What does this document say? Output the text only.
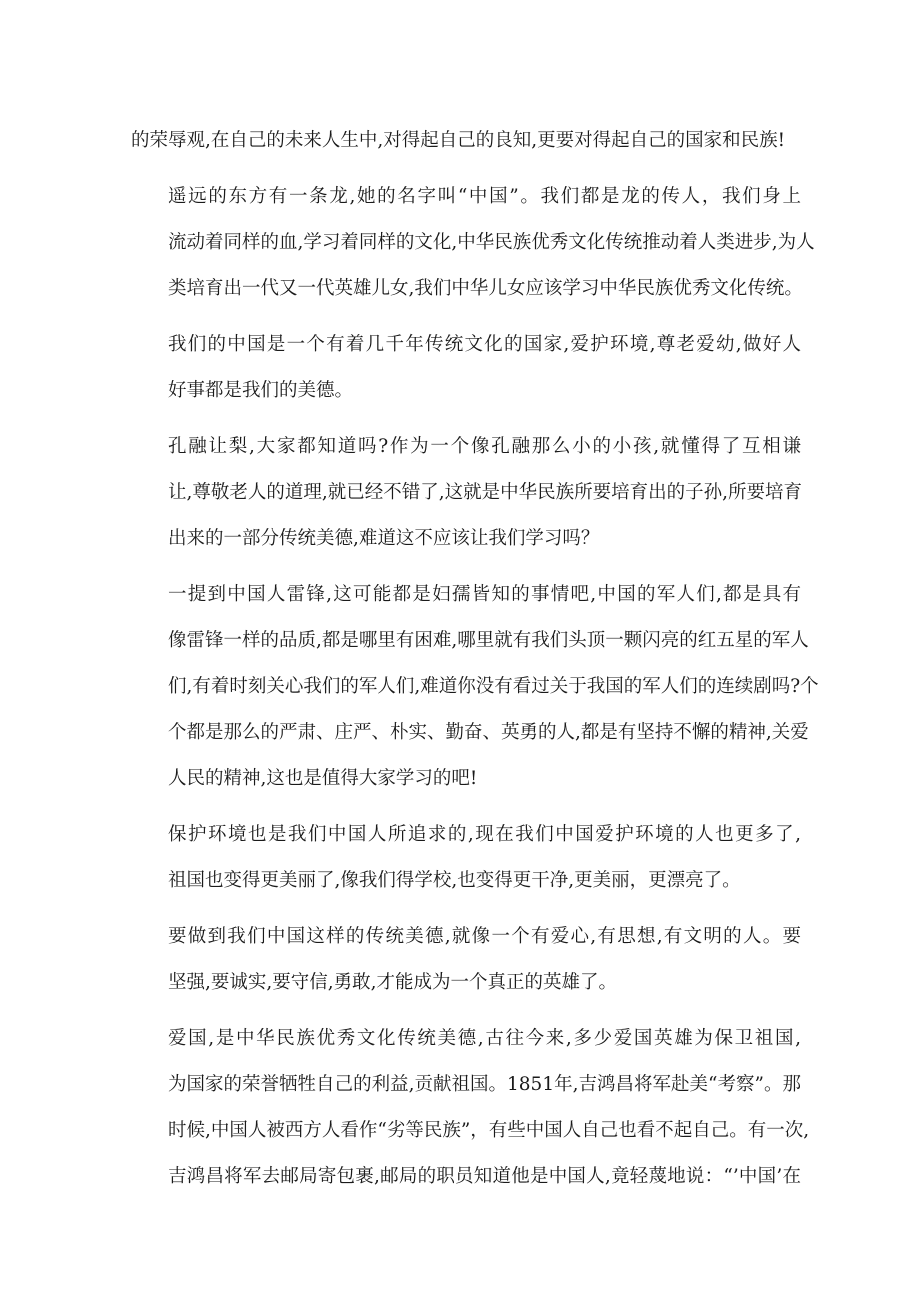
的荣辱观,在自己的未来人生中,对得起自己的良知,更要对得起自己的国家和民族!
遥远的东方有一条龙,她的名字叫“中国”。我们都是龙的传人，我们身上
流动着同样的血,学习着同样的文化,中华民族优秀文化传统推动着人类进步,为人
类培育出一代又一代英雄儿女,我们中华儿女应该学习中华民族优秀文化传统。
我们的中国是一个有着几千年传统文化的国家,爱护环境,尊老爱幼,做好人
好事都是我们的美德。
孔融让梨,大家都知道吗?作为一个像孔融那么小的小孩,就懂得了互相谦
让,尊敬老人的道理,就已经不错了,这就是中华民族所要培育出的子孙,所要培育
出来的一部分传统美德,难道这不应该让我们学习吗？
一提到中国人雷锋,这可能都是妇孺皆知的事情吧,中国的军人们,都是具有
像雷锋一样的品质,都是哪里有困难,哪里就有我们头顶一颗闪亮的红五星的军人
们,有着时刻关心我们的军人们,难道你没有看过关于我国的军人们的连续剧吗?个
个都是那么的严肃、庄严、朴实、勤奋、英勇的人,都是有坚持不懈的精神,关爱
人民的精神,这也是值得大家学习的吧!
保护环境也是我们中国人所追求的,现在我们中国爱护环境的人也更多了,
祖国也变得更美丽了,像我们得学校,也变得更干净,更美丽，更漂亮了。
要做到我们中国这样的传统美德,就像一个有爱心,有思想,有文明的人。要
坚强,要诚实,要守信,勇敢,才能成为一个真正的英雄了。
爱国,是中华民族优秀文化传统美德,古往今来,多少爱国英雄为保卫祖国,
为国家的荣誉牺牲自己的利益,贡献祖国。1851年,吉鸿昌将军赴美“考察”。那
时候,中国人被西方人看作“劣等民族”，有些中国人自己也看不起自己。有一次,
吉鸿昌将军去邮局寄包裹,邮局的职员知道他是中国人,竟轻蔑地说：“’中国’在
